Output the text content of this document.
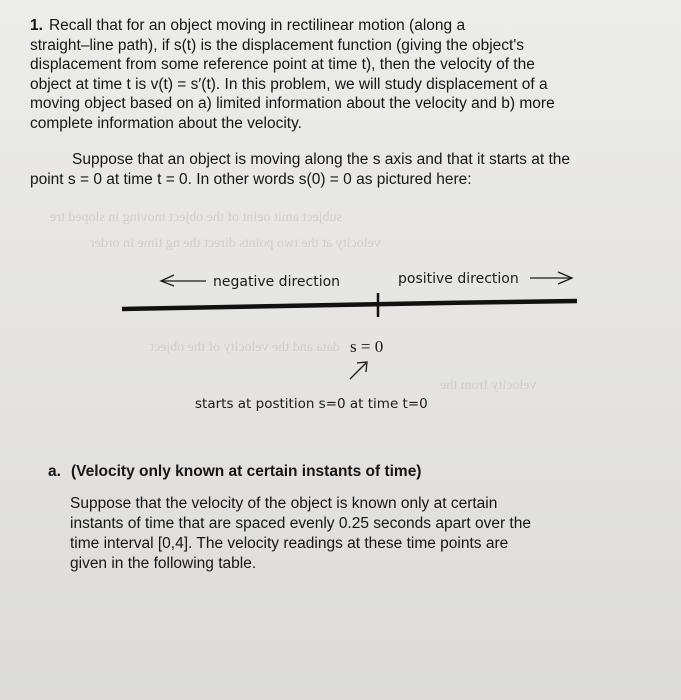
subject amit oeint of the object moving in sloped tre
velocity at the two points direct the ng time in order
data and the velocity of the object
velocity from the
1. Recall that for an object moving in rectilinear motion (along a
straight–line path), if s(t) is the displacement function (giving the object's
displacement from some reference point at time t), then the velocity of the
object at time t is v(t) = s′(t). In this problem, we will study displacement of a
moving object based on a) limited information about the velocity and b) more
complete information about the velocity.
Suppose that an object is moving along the s axis and that it starts at the
point s = 0 at time t = 0. In other words s(0) = 0 as pictured here:
negative direction	positive direction
s = 0
starts at postition s=0 at time t=0
a. (Velocity only known at certain instants of time)
Suppose that the velocity of the object is known only at certain
instants of time that are spaced evenly 0.25 seconds apart over the
time interval [0,4]. The velocity readings at these time points are
given in the following table.
